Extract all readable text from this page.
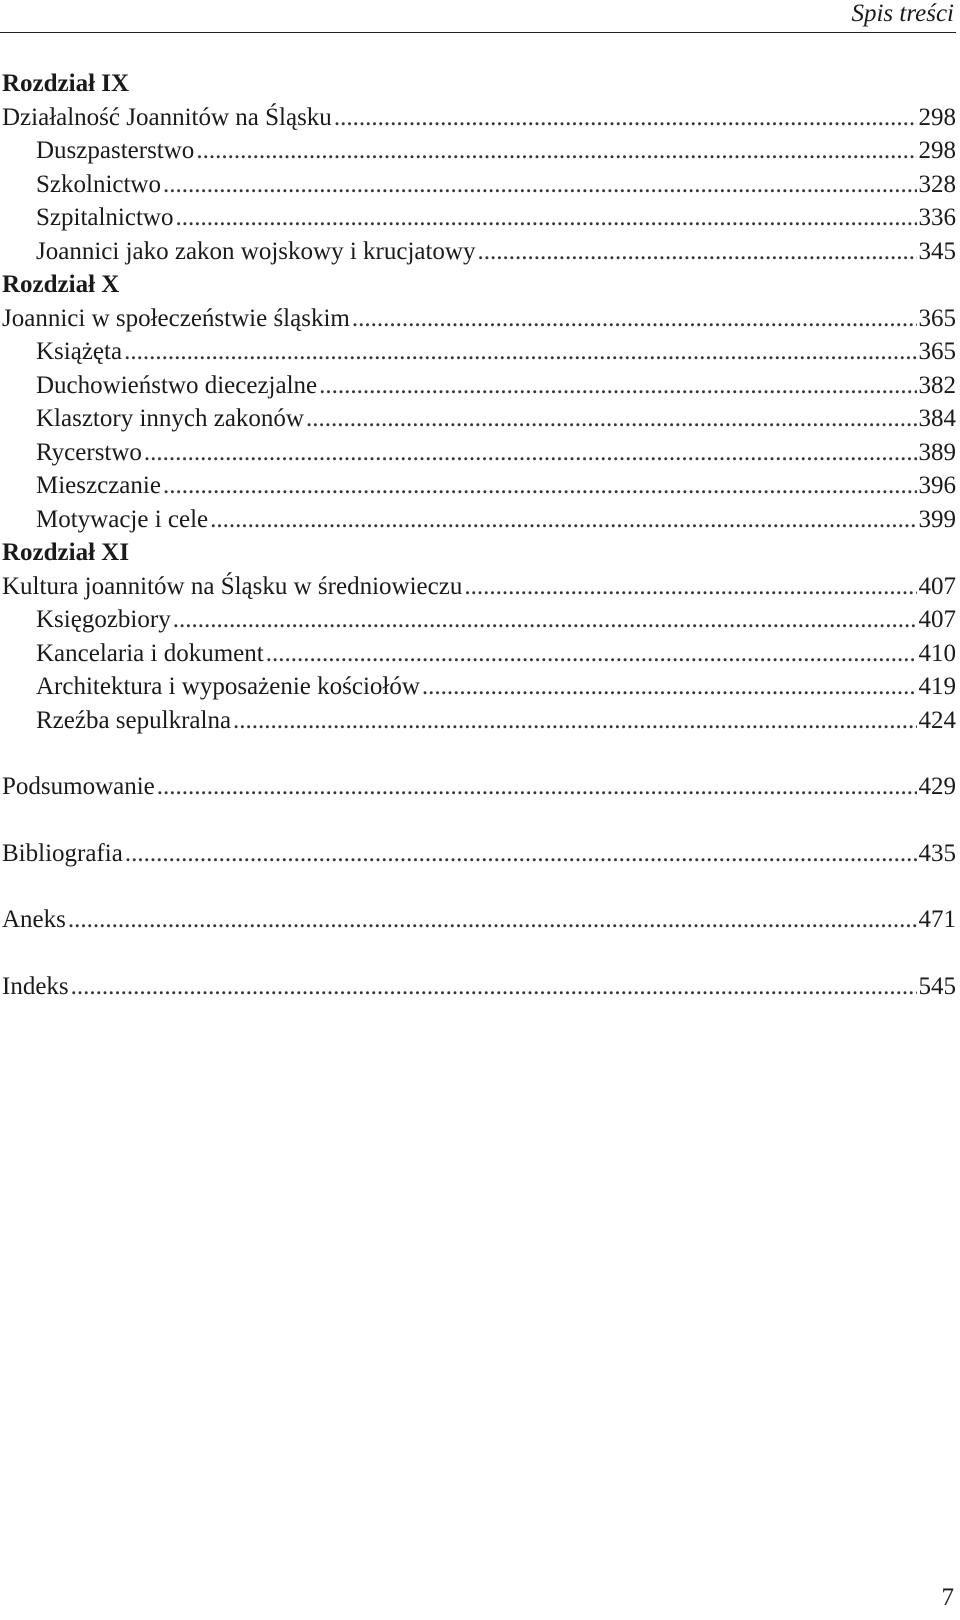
Spis treści
Rozdział IX
Działalność Joannitów na Śląsku .....	298
Duszpasterstwo .....	298
Szkolnictwo .....	328
Szpitalnictwo .....	336
Joannici jako zakon wojskowy i krucjatowy .....	345
Rozdział X
Joannici w społeczeństwie śląskim .....	365
Książęta .....	365
Duchowieństwo diecezjalne .....	382
Klasztory innych zakonów .....	384
Rycerstwo .....	389
Mieszczanie .....	396
Motywacje i cele .....	399
Rozdział XI
Kultura joannitów na Śląsku w średniowieczu .....	407
Księgozbiory .....	407
Kancelaria i dokument .....	410
Architektura i wyposażenie kościołów .....	419
Rzeźba sepulkralna .....	424
Podsumowanie .....	429
Bibliografia .....	435
Aneks .....	471
Indeks .....	545
7
